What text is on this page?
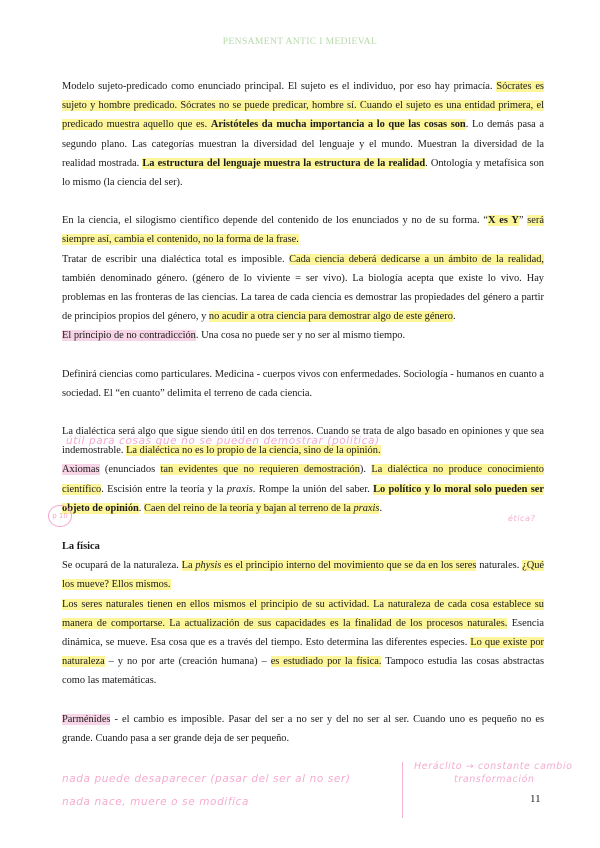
PENSAMENT ANTIC I MEDIEVAL

Modelo sujeto-predicado como enunciado principal. El sujeto es el individuo, por eso hay primacía. Sócrates es sujeto y hombre predicado. Sócrates no se puede predicar, hombre sí. Cuando el sujeto es una entidad primera, el predicado muestra aquello que es. Aristóteles da mucha importancia a lo que las cosas son. Lo demás pasa a segundo plano. Las categorías muestran la diversidad del lenguaje y el mundo. Muestran la diversidad de la realidad mostrada. La estructura del lenguaje muestra la estructura de la realidad. Ontología y metafísica son lo mismo (la ciencia del ser).

En la ciencia, el silogismo científico depende del contenido de los enunciados y no de su forma. “X es Y” será siempre así, cambia el contenido, no la forma de la frase.

Tratar de escribir una dialéctica total es imposible. Cada ciencia deberá dedicarse a un ámbito de la realidad, también denominado género. (género de lo viviente = ser vivo). La biología acepta que existe lo vivo. Hay problemas en las fronteras de las ciencias. La tarea de cada ciencia es demostrar las propiedades del género a partir de principios propios del género, y no acudir a otra ciencia para demostrar algo de este género.

El principio de no contradicción. Una cosa no puede ser y no ser al mismo tiempo.

Definirá ciencias como particulares. Medicina - cuerpos vivos con enfermedades. Sociología - humanos en cuanto a sociedad. El “en cuanto” delimita el terreno de cada ciencia.

La dialéctica será algo que sigue siendo útil en dos terrenos. Cuando se trata de algo basado en opiniones y que sea indemostrable. La dialéctica no es lo propio de la ciencia, sino de la opinión.

Axiomas (enunciados tan evidentes que no requieren demostración). La dialéctica no produce conocimiento científico. Escisión entre la teoría y la praxis. Rompe la unión del saber. Lo político y lo moral solo pueden ser objeto de opinión. Caen del reino de la teoría y bajan al terreno de la praxis.

La física

Se ocupará de la naturaleza. La physis es el principio interno del movimiento que se da en los seres naturales. ¿Qué los mueve? Ellos mismos.

Los seres naturales tienen en ellos mismos el principio de su actividad. La naturaleza de cada cosa establece su manera de comportarse. La actualización de sus capacidades es la finalidad de los procesos naturales. Esencia dinámica, se mueve. Esa cosa que es a través del tiempo. Esto determina las diferentes especies. Lo que existe por naturaleza – y no por arte (creación humana) – es estudiado por la física. Tampoco estudia las cosas abstractas como las matemáticas.

Parménides - el cambio es imposible. Pasar del ser a no ser y del no ser al ser. Cuando uno es pequeño no es grande. Cuando pasa a ser grande deja de ser pequeño.

útil para cosas que no se pueden demostrar (política)
p 10	ética?
Heráclito → constante cambio
transformación
nada puede desaparecer (pasar del ser al no ser)
nada nace, muere o se modifica	11
